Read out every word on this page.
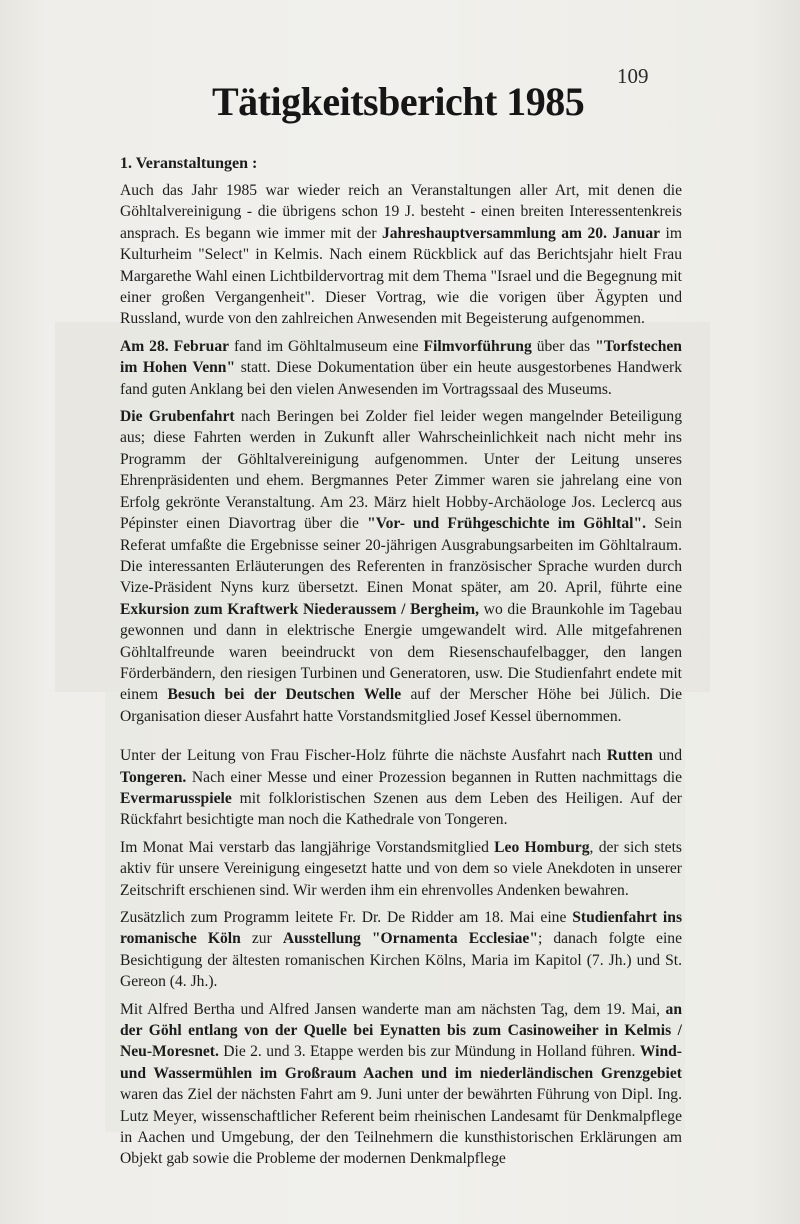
109
Tätigkeitsbericht 1985
1. Veranstaltungen :

Auch das Jahr 1985 war wieder reich an Veranstaltungen aller Art, mit denen die Göhltalvereinigung - die übrigens schon 19 J. besteht - einen breiten Interessentenkreis ansprach. Es begann wie immer mit der Jahreshauptversammlung am 20. Januar im Kulturheim "Select" in Kelmis. Nach einem Rückblick auf das Berichtsjahr hielt Frau Margarethe Wahl einen Lichtbildervortrag mit dem Thema "Israel und die Begegnung mit einer großen Vergangenheit". Dieser Vortrag, wie die vorigen über Ägypten und Russland, wurde von den zahlreichen Anwesenden mit Begeisterung aufgenommen.

Am 28. Februar fand im Göhltalmuseum eine Filmvorführung über das "Torfstechen im Hohen Venn" statt. Diese Dokumentation über ein heute ausgestorbenes Handwerk fand guten Anklang bei den vielen Anwesenden im Vortragssaal des Museums.

Die Grubenfahrt nach Beringen bei Zolder fiel leider wegen mangelnder Beteiligung aus; diese Fahrten werden in Zukunft aller Wahrscheinlichkeit nach nicht mehr ins Programm der Göhltalvereinigung aufgenommen. Unter der Leitung unseres Ehrenpräsidenten und ehem. Bergmannes Peter Zimmer waren sie jahrelang eine von Erfolg gekrönte Veranstaltung. Am 23. März hielt Hobby-Archäologe Jos. Leclercq aus Pépinster einen Diavortrag über die "Vor- und Frühgeschichte im Göhltal". Sein Referat umfaßte die Ergebnisse seiner 20-jährigen Ausgrabungsarbeiten im Göhltalraum. Die interessanten Erläuterungen des Referenten in französischer Sprache wurden durch Vize-Präsident Nyns kurz übersetzt. Einen Monat später, am 20. April, führte eine Exkursion zum Kraftwerk Niederaussem / Bergheim, wo die Braunkohle im Tagebau gewonnen und dann in elektrische Energie umgewandelt wird. Alle mitgefahrenen Göhltalfreunde waren beeindruckt von dem Riesenschaufelbagger, den langen Förderbändern, den riesigen Turbinen und Generatoren, usw. Die Studienfahrt endete mit einem Besuch bei der Deutschen Welle auf der Merscher Höhe bei Jülich. Die Organisation dieser Ausfahrt hatte Vorstandsmitglied Josef Kessel übernommen.

Unter der Leitung von Frau Fischer-Holz führte die nächste Ausfahrt nach Rutten und Tongeren. Nach einer Messe und einer Prozession begannen in Rutten nachmittags die Evermarusspiele mit folkloristischen Szenen aus dem Leben des Heiligen. Auf der Rückfahrt besichtigte man noch die Kathedrale von Tongeren.

Im Monat Mai verstarb das langjährige Vorstandsmitglied Leo Homburg, der sich stets aktiv für unsere Vereinigung eingesetzt hatte und von dem so viele Anekdoten in unserer Zeitschrift erschienen sind. Wir werden ihm ein ehrenvolles Andenken bewahren.

Zusätzlich zum Programm leitete Fr. Dr. De Ridder am 18. Mai eine Studienfahrt ins romanische Köln zur Ausstellung "Ornamenta Ecclesiae"; danach folgte eine Besichtigung der ältesten romanischen Kirchen Kölns, Maria im Kapitol (7. Jh.) und St. Gereon (4. Jh.).

Mit Alfred Bertha und Alfred Jansen wanderte man am nächsten Tag, dem 19. Mai, an der Göhl entlang von der Quelle bei Eynatten bis zum Casinoweiher in Kelmis / Neu-Moresnet. Die 2. und 3. Etappe werden bis zur Mündung in Holland führen. Wind- und Wassermühlen im Großraum Aachen und im niederländischen Grenzgebiet waren das Ziel der nächsten Fahrt am 9. Juni unter der bewährten Führung von Dipl. Ing. Lutz Meyer, wissenschaftlicher Referent beim rheinischen Landesamt für Denkmalpflege in Aachen und Umgebung, der den Teilnehmern die kunsthistorischen Erklärungen am Objekt gab sowie die Probleme der modernen Denkmalpflege
